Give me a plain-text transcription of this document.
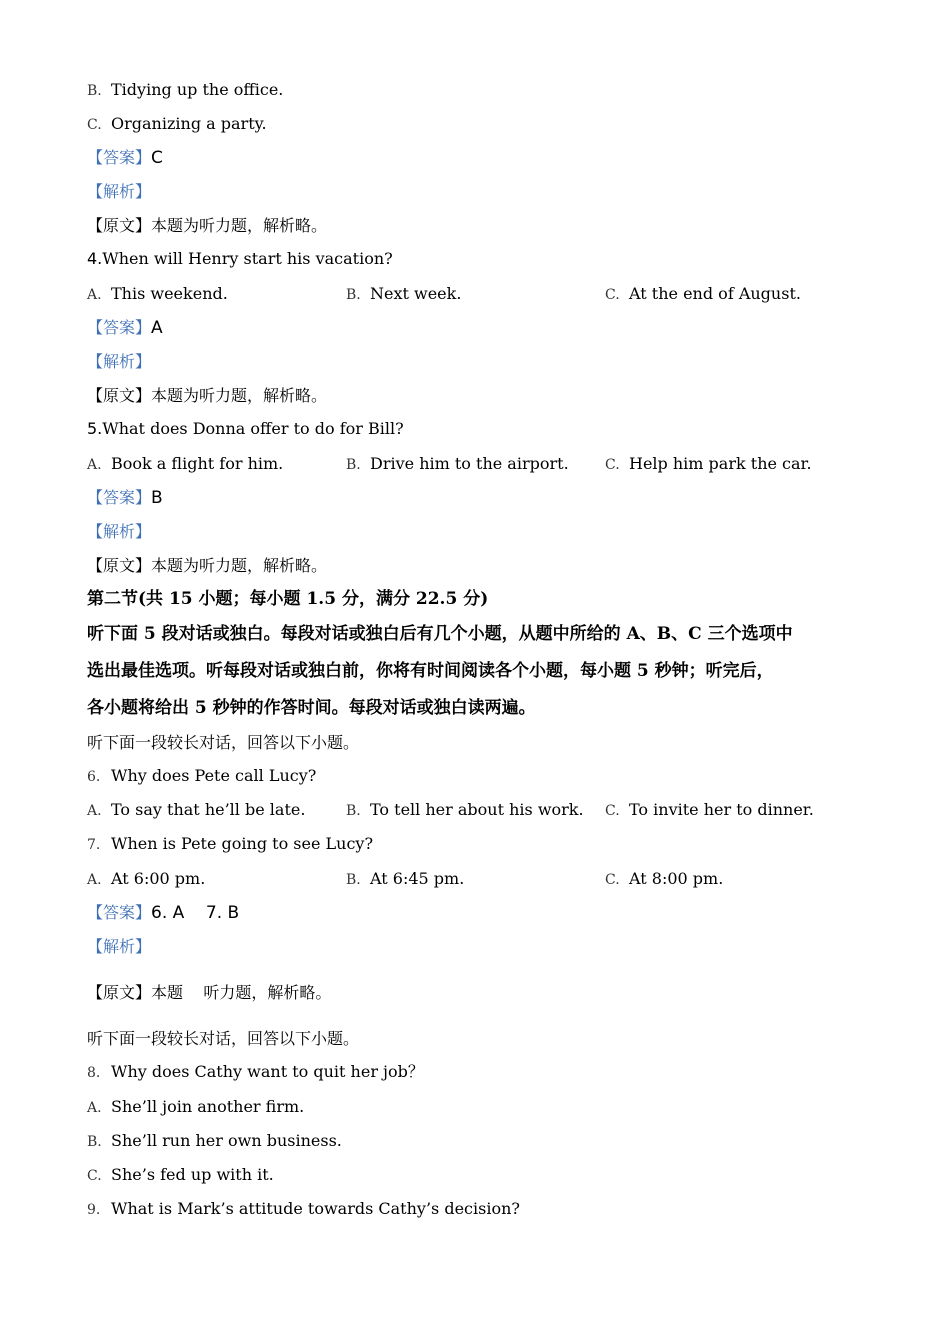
B. Tidying up the office.
C. Organizing a party.
【答案】C
【解析】
【原文】本题为听力题，解析略。
4.When will Henry start his vacation?
A. This weekend.	B. Next week.	C. At the end of August.
【答案】A
【解析】
【原文】本题为听力题，解析略。
5.What does Donna offer to do for Bill?
A. Book a flight for him.	B. Drive him to the airport.	C. Help him park the car.
【答案】B
【解析】
【原文】本题为听力题，解析略。
第二节(共 15 小题；每小题 1.5 分，满分 22.5 分)
听下面 5 段对话或独白。每段对话或独白后有几个小题，从题中所给的 A、B、C 三个选项中
选出最佳选项。听每段对话或独白前，你将有时间阅读各个小题，每小题 5 秒钟；听完后，
各小题将给出 5 秒钟的作答时间。每段对话或独白读两遍。
听下面一段较长对话，回答以下小题。
6. Why does Pete call Lucy?
A. To say that he’ll be late.	B. To tell her about his work. C. To invite her to dinner.
7. When is Pete going to see Lucy?
A. At 6:00 pm.	B. At 6:45 pm.	C. At 8:00 pm.
【答案】6. A    7. B
【解析】
【原文】本题    听力题，解析略。
听下面一段较长对话，回答以下小题。
8. Why does Cathy want to quit her job？
A. She’ll join another firm.
B. She’ll run her own business.
C. She’s fed up with it.
9. What is Mark’s attitude towards Cathy’s decision?
